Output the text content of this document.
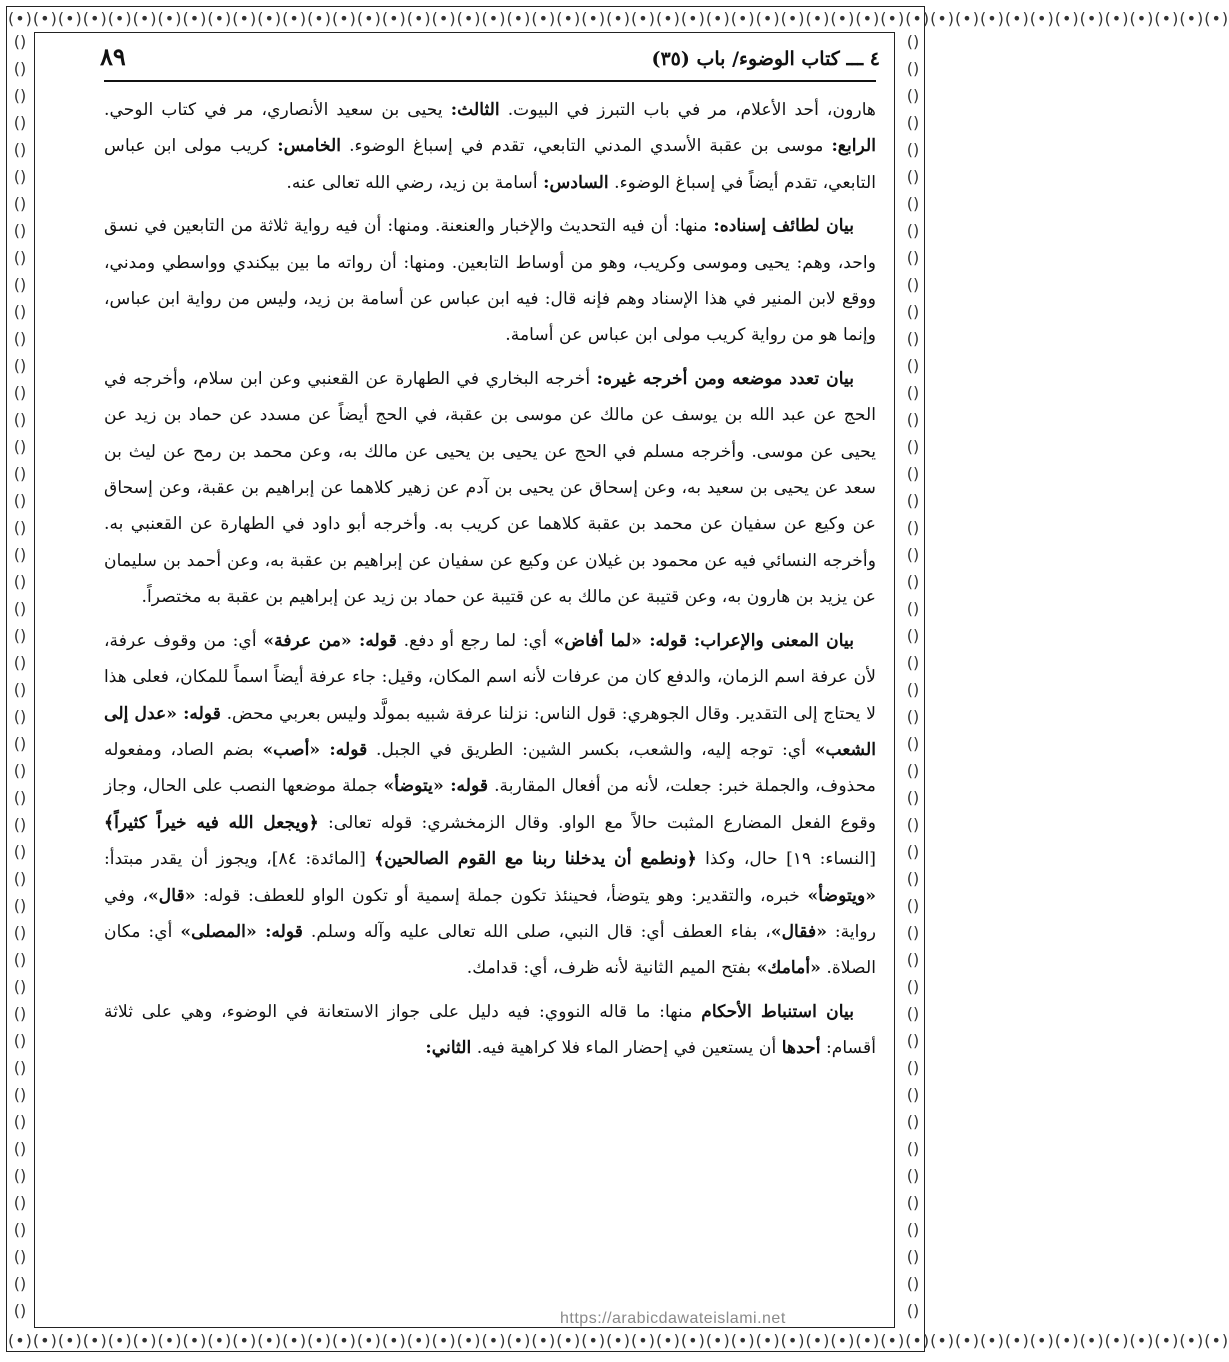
(•)(•)(•)(•)(•)(•)(•)(•)(•)(•)(•)(•)(•)(•)(•)(•)(•)(•)(•)(•)(•)(•)(•)(•)(•)(•)(•)(•)(•)(•)(•)(•)(•)(•)(•)(•)(•)(•)(•)(•)(•)(•)(•)(•)(•)(•)(•)(•)(•)
(•)(•)(•)(•)(•)(•)(•)(•)(•)(•)(•)(•)(•)(•)(•)(•)(•)(•)(•)(•)(•)(•)(•)(•)(•)(•)(•)(•)(•)(•)(•)(•)(•)(•)(•)(•)(•)(•)(•)(•)(•)(•)(•)(•)(•)(•)(•)(•)(•)
()()()()()()()()()()()()()()()()()()()()()()()()()()()()()()()()()()()()()()()()()()()()()()()()
()()()()()()()()()()()()()()()()()()()()()()()()()()()()()()()()()()()()()()()()()()()()()()()()
٤ ـــ كتاب الوضوء/ باب (٣٥)
٨٩

هارون، أحد الأعلام، مر في باب التبرز في البيوت. الثالث: يحيى بن سعيد الأنصاري، مر في كتاب الوحي. الرابع: موسى بن عقبة الأسدي المدني التابعي، تقدم في إسباغ الوضوء. الخامس: كريب مولى ابن عباس التابعي، تقدم أيضاً في إسباغ الوضوء. السادس: أسامة بن زيد، رضي الله تعالى عنه.

بيان لطائف إسناده: منها: أن فيه التحديث والإخبار والعنعنة. ومنها: أن فيه رواية ثلاثة من التابعين في نسق واحد، وهم: يحيى وموسى وكريب، وهو من أوساط التابعين. ومنها: أن رواته ما بين بيكندي وواسطي ومدني، ووقع لابن المنير في هذا الإسناد وهم فإنه قال: فيه ابن عباس عن أسامة بن زيد، وليس من رواية ابن عباس، وإنما هو من رواية كريب مولى ابن عباس عن أسامة.

بيان تعدد موضعه ومن أخرجه غيره: أخرجه البخاري في الطهارة عن القعنبي وعن ابن سلام، وأخرجه في الحج عن عبد الله بن يوسف عن مالك عن موسى بن عقبة، في الحج أيضاً عن مسدد عن حماد بن زيد عن يحيى عن موسى. وأخرجه مسلم في الحج عن يحيى بن يحيى عن مالك به، وعن محمد بن رمح عن ليث بن سعد عن يحيى بن سعيد به، وعن إسحاق عن يحيى بن آدم عن زهير كلاهما عن إبراهيم بن عقبة، وعن إسحاق عن وكيع عن سفيان عن محمد بن عقبة كلاهما عن كريب به. وأخرجه أبو داود في الطهارة عن القعنبي به. وأخرجه النسائي فيه عن محمود بن غيلان عن وكيع عن سفيان عن إبراهيم بن عقبة به، وعن أحمد بن سليمان عن يزيد بن هارون به، وعن قتيبة عن مالك به عن قتيبة عن حماد بن زيد عن إبراهيم بن عقبة به مختصراً.

بيان المعنى والإعراب: قوله: «لما أفاض» أي: لما رجع أو دفع. قوله: «من عرفة» أي: من وقوف عرفة، لأن عرفة اسم الزمان، والدفع كان من عرفات لأنه اسم المكان، وقيل: جاء عرفة أيضاً اسماً للمكان، فعلى هذا لا يحتاج إلى التقدير. وقال الجوهري: قول الناس: نزلنا عرفة شبيه بمولَّد وليس بعربي محض. قوله: «عدل إلى الشعب» أي: توجه إليه، والشعب، بكسر الشين: الطريق في الجبل. قوله: «أصب» بضم الصاد، ومفعوله محذوف، والجملة خبر: جعلت، لأنه من أفعال المقاربة. قوله: «يتوضأ» جملة موضعها النصب على الحال، وجاز وقوع الفعل المضارع المثبت حالاً مع الواو. وقال الزمخشري: قوله تعالى: ﴿ويجعل الله فيه خيراً كثيراً﴾ [النساء: ١٩] حال، وكذا ﴿ونطمع أن يدخلنا ربنا مع القوم الصالحين﴾ [المائدة: ٨٤]، ويجوز أن يقدر مبتدأ: «ويتوضأ» خبره، والتقدير: وهو يتوضأ، فحينئذ تكون جملة إسمية أو تكون الواو للعطف: قوله: «قال»، وفي رواية: «فقال»، بفاء العطف أي: قال النبي، صلى الله تعالى عليه وآله وسلم. قوله: «المصلى» أي: مكان الصلاة. «أمامك» بفتح الميم الثانية لأنه ظرف، أي: قدامك.

بيان استنباط الأحكام منها: ما قاله النووي: فيه دليل على جواز الاستعانة في الوضوء، وهي على ثلاثة أقسام: أحدها أن يستعين في إحضار الماء فلا كراهية فيه. الثاني:

https://arabicdawateislami.net
